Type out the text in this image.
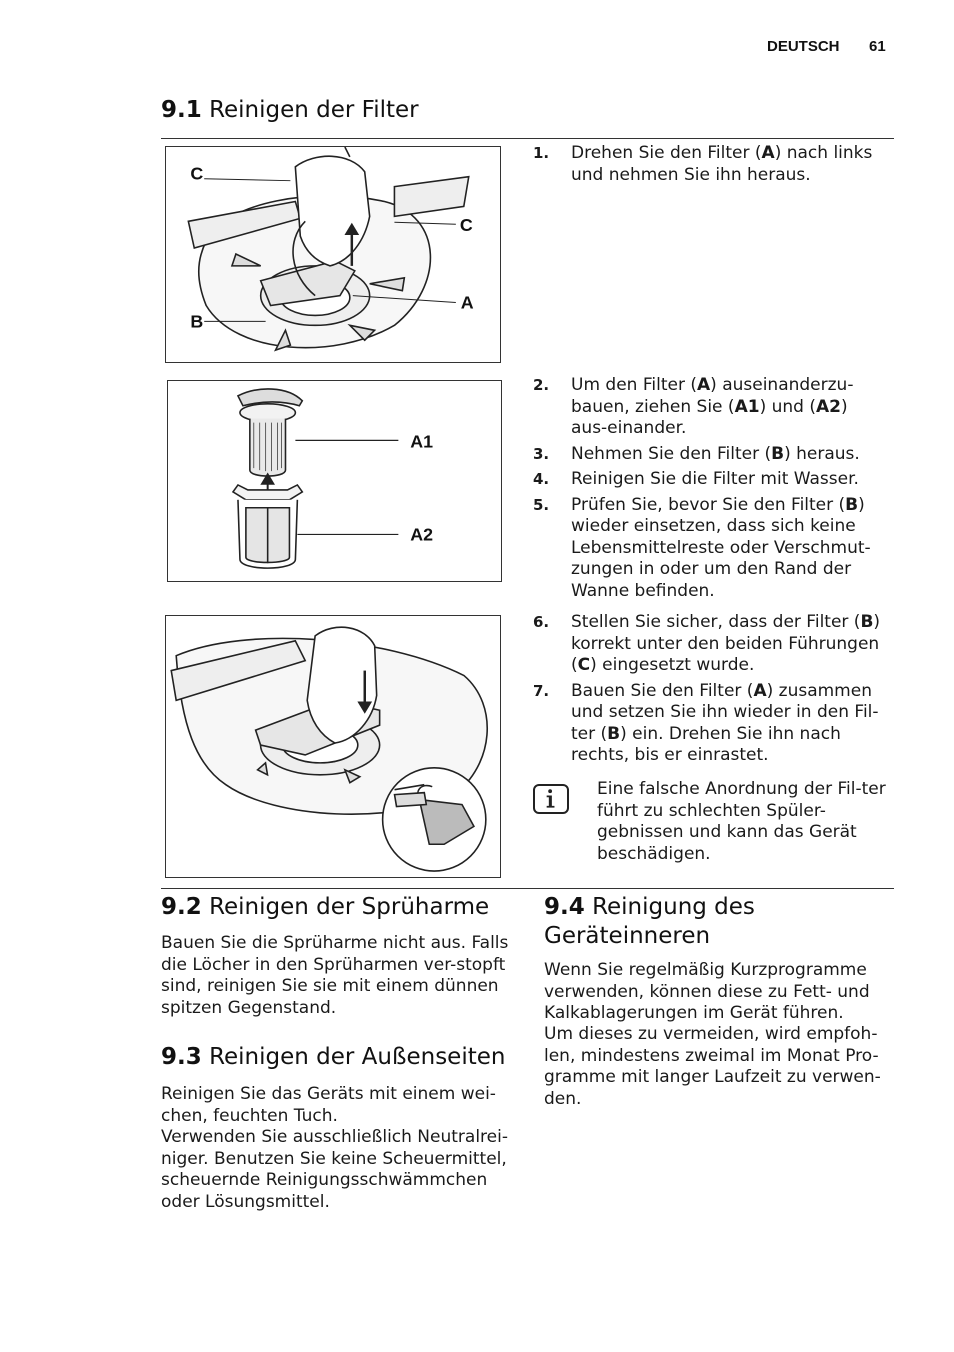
DEUTSCH 61
9.1 Reinigen der Filter
C
C
A
B
A1
A2
1. Drehen Sie den Filter (A) nach links und nehmen Sie ihn heraus.
2. Um den Filter (A) auseinanderzu-bauen, ziehen Sie (A1) und (A2) aus-einander.
3. Nehmen Sie den Filter (B) heraus.
4. Reinigen Sie die Filter mit Wasser.
5. Prüfen Sie, bevor Sie den Filter (B) wieder einsetzen, dass sich keine Lebensmittelreste oder Verschmut-zungen in oder um den Rand der Wanne befinden.
6. Stellen Sie sicher, dass der Filter (B) korrekt unter den beiden Führungen (C) eingesetzt wurde.
7. Bauen Sie den Filter (A) zusammen und setzen Sie ihn wieder in den Fil-ter (B) ein. Drehen Sie ihn nach rechts, bis er einrastet.

Eine falsche Anordnung der Fil-ter führt zu schlechten Spüler-gebnissen und kann das Gerät beschädigen.

9.2 Reinigen der Sprüharme

Bauen Sie die Sprüharme nicht aus. Falls die Löcher in den Sprüharmen ver-stopft sind, reinigen Sie sie mit einem dünnen spitzen Gegenstand.

9.3 Reinigen der Außenseiten

Reinigen Sie das Geräts mit einem wei-chen, feuchten Tuch.

Verwenden Sie ausschließlich Neutralrei-niger. Benutzen Sie keine Scheuermittel, scheuernde Reinigungsschwämmchen oder Lösungsmittel.

9.4 Reinigung des
Geräteinneren

Wenn Sie regelmäßig Kurzprogramme verwenden, können diese zu Fett- und Kalkablagerungen im Gerät führen.

Um dieses zu vermeiden, wird empfoh-len, mindestens zweimal im Monat Pro-gramme mit langer Laufzeit zu verwen-den.
